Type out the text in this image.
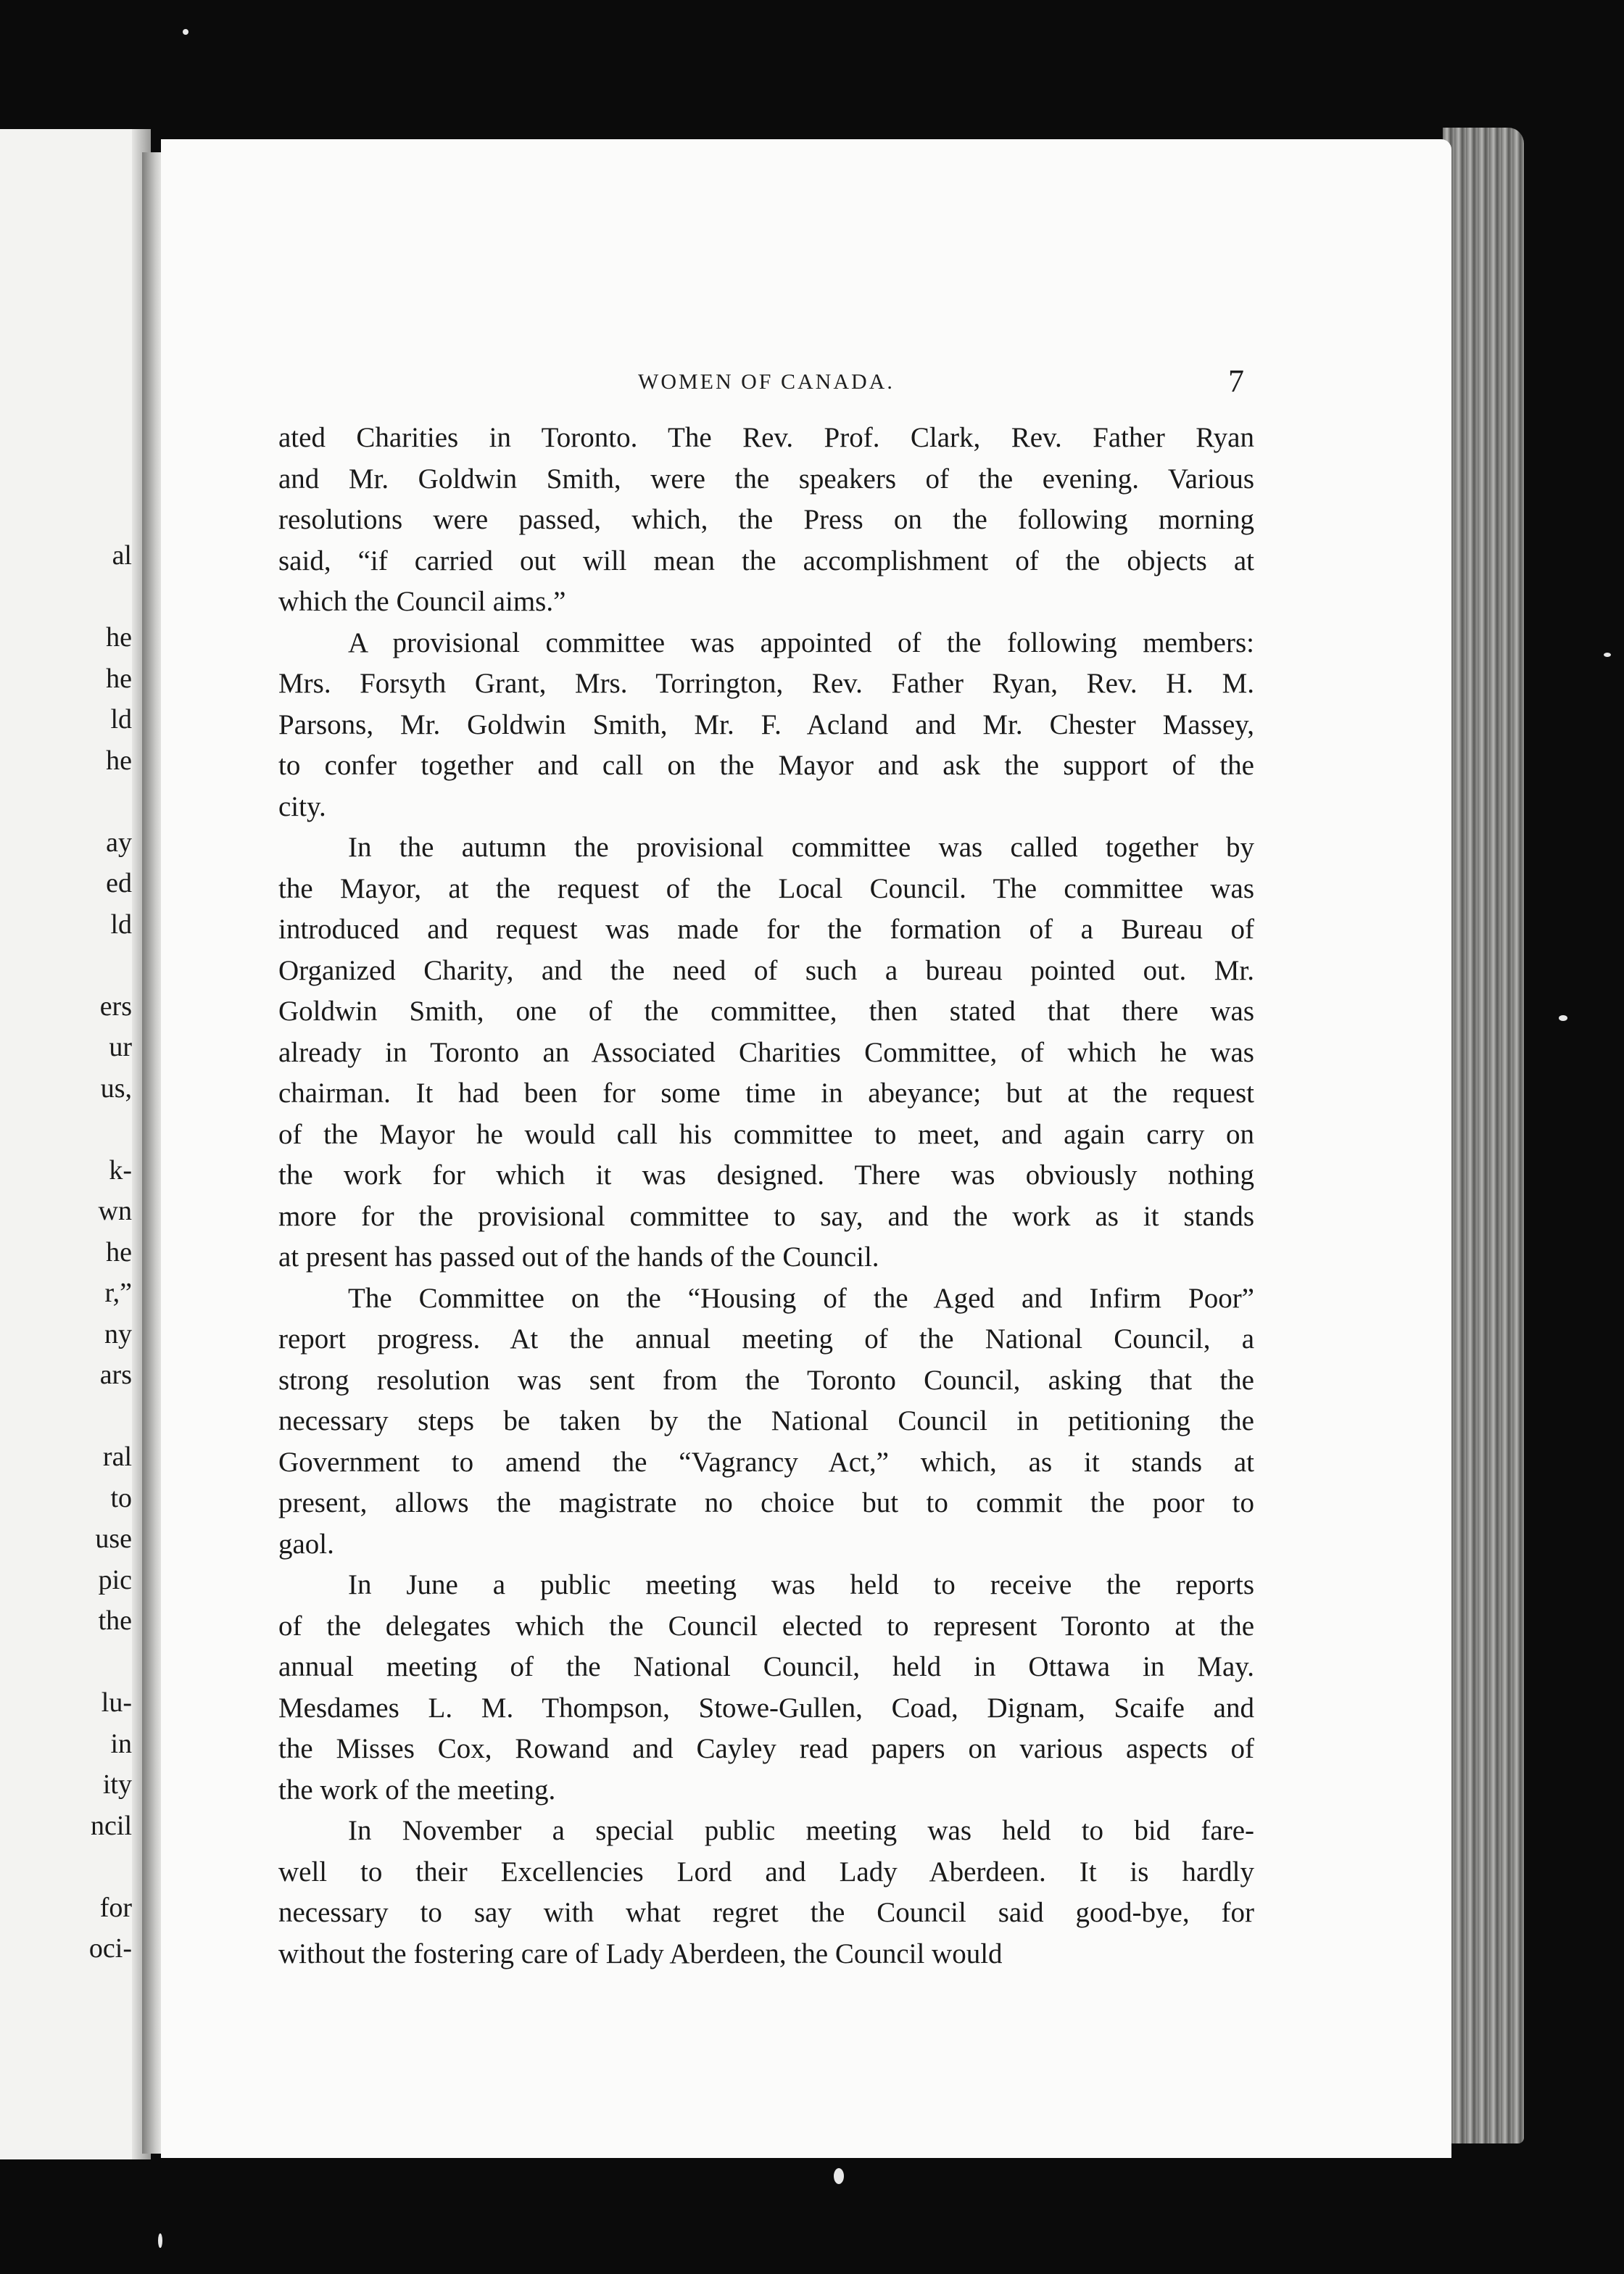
al
he
he
ld
he
ay
ed
ld
ers
ur
us,
k-
wn
he
r,”
ny
ars
ral
to
use
pic
the
lu-
in
ity
ncil
for
oci-
WOMEN OF CANADA.	7
ated Charities in Toronto. The Rev. Prof. Clark, Rev. Father Ryan
and Mr. Goldwin Smith, were the speakers of the evening. Various
resolutions were passed, which, the Press on the following morning
said, “if carried out will mean the accomplishment of the objects at
which the Council aims.”
A provisional committee was appointed of the following members:
Mrs. Forsyth Grant, Mrs. Torrington, Rev. Father Ryan, Rev. H. M.
Parsons, Mr. Goldwin Smith, Mr. F. Acland and Mr. Chester Massey,
to confer together and call on the Mayor and ask the support of the
city.
In the autumn the provisional committee was called together by
the Mayor, at the request of the Local Council. The committee was
introduced and request was made for the formation of a Bureau of
Organized Charity, and the need of such a bureau pointed out. Mr.
Goldwin Smith, one of the committee, then stated that there was
already in Toronto an Associated Charities Committee, of which he was
chairman. It had been for some time in abeyance; but at the request
of the Mayor he would call his committee to meet, and again carry on
the work for which it was designed. There was obviously nothing
more for the provisional committee to say, and the work as it stands
at present has passed out of the hands of the Council.
The Committee on the “Housing of the Aged and Infirm Poor”
report progress. At the annual meeting of the National Council, a
strong resolution was sent from the Toronto Council, asking that the
necessary steps be taken by the National Council in petitioning the
Government to amend the “Vagrancy Act,” which, as it stands at
present, allows the magistrate no choice but to commit the poor to
gaol.
In June a public meeting was held to receive the reports
of the delegates which the Council elected to represent Toronto at the
annual meeting of the National Council, held in Ottawa in May.
Mesdames L. M. Thompson, Stowe-Gullen, Coad, Dignam, Scaife and
the Misses Cox, Rowand and Cayley read papers on various aspects of
the work of the meeting.
In November a special public meeting was held to bid fare-
well to their Excellencies Lord and Lady Aberdeen. It is hardly
necessary to say with what regret the Council said good-bye, for
without the fostering care of Lady Aberdeen, the Council would
